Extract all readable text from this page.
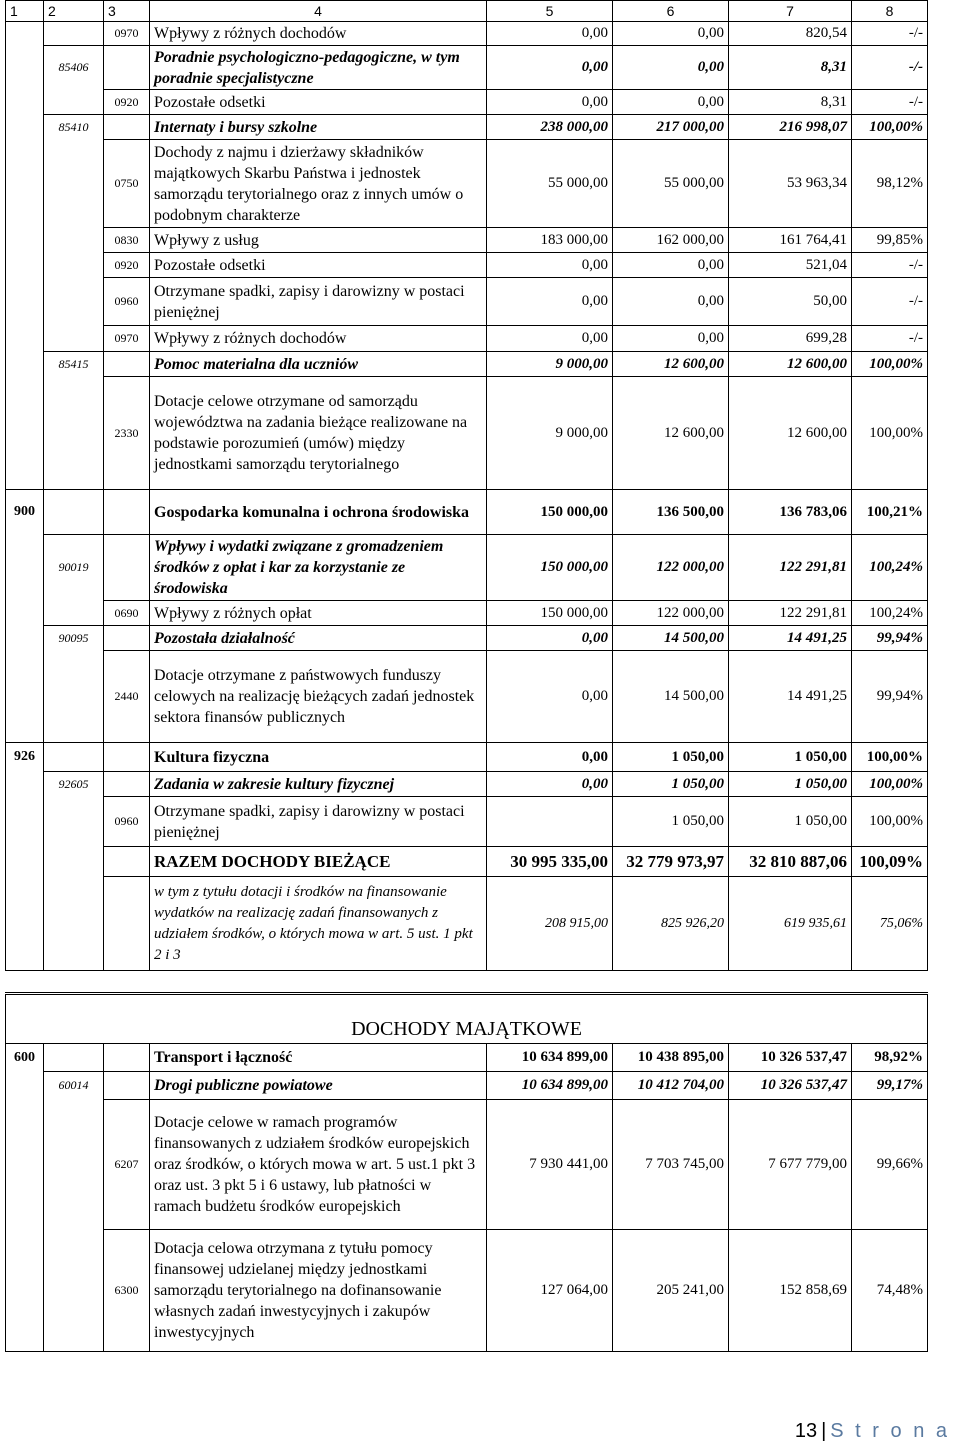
1	2	3	4	5	6	7	8
		0970	Wpływy z różnych dochodów	0,00	0,00	820,54	-/-
	85406		Poradnie psychologiczno-pedagogiczne, w tym poradnie specjalistyczne	0,00	0,00	8,31	-/-
		0920	Pozostałe odsetki	0,00	0,00	8,31	-/-
	85410		Internaty i bursy szkolne	238 000,00	217 000,00	216 998,07	100,00%
		0750	Dochody z najmu i dzierżawy składników majątkowych Skarbu Państwa i jednostek samorządu terytorialnego oraz z innych umów o podobnym charakterze	55 000,00	55 000,00	53 963,34	98,12%
		0830	Wpływy z usług	183 000,00	162 000,00	161 764,41	99,85%
		0920	Pozostałe odsetki	0,00	0,00	521,04	-/-
		0960	Otrzymane spadki, zapisy i darowizny w postaci pieniężnej	0,00	0,00	50,00	-/-
		0970	Wpływy z różnych dochodów	0,00	0,00	699,28	-/-
	85415		Pomoc materialna dla uczniów	9 000,00	12 600,00	12 600,00	100,00%
		2330	Dotacje celowe otrzymane od samorządu województwa na zadania bieżące realizowane na podstawie porozumień (umów) między jednostkami samorządu terytorialnego	9 000,00	12 600,00	12 600,00	100,00%
900			Gospodarka komunalna i ochrona środowiska	150 000,00	136 500,00	136 783,06	100,21%
	90019		Wpływy i wydatki związane z gromadzeniem środków z opłat i kar za korzystanie ze środowiska	150 000,00	122 000,00	122 291,81	100,24%
		0690	Wpływy z różnych opłat	150 000,00	122 000,00	122 291,81	100,24%
	90095		Pozostała działalność	0,00	14 500,00	14 491,25	99,94%
		2440	Dotacje otrzymane z państwowych funduszy celowych na realizację bieżących zadań jednostek sektora finansów publicznych	0,00	14 500,00	14 491,25	99,94%
926			Kultura fizyczna	0,00	1 050,00	1 050,00	100,00%
	92605		Zadania w zakresie kultury fizycznej	0,00	1 050,00	1 050,00	100,00%
		0960	Otrzymane spadki, zapisy i darowizny w postaci pieniężnej		1 050,00	1 050,00	100,00%
			RAZEM DOCHODY BIEŻĄCE	30 995 335,00	32 779 973,97	32 810 887,06	100,09%
			w tym z tytułu dotacji i środków na finansowanie wydatków na realizację zadań finansowanych z udziałem środków, o których mowa w art. 5 ust. 1 pkt 2 i 3	208 915,00	825 926,20	619 935,61	75,06%
DOCHODY MAJĄTKOWE							
600			Transport i łączność	10 634 899,00	10 438 895,00	10 326 537,47	98,92%
	60014		Drogi publiczne powiatowe	10 634 899,00	10 412 704,00	10 326 537,47	99,17%
		6207	Dotacje celowe w ramach programów finansowanych z udziałem środków europejskich oraz środków, o których mowa w art. 5 ust.1 pkt 3 oraz ust. 3 pkt 5 i 6 ustawy, lub płatności w ramach budżetu środków europejskich	7 930 441,00	7 703 745,00	7 677 779,00	99,66%
		6300	Dotacja celowa otrzymana z tytułu pomocy finansowej udzielanej między jednostkami samorządu terytorialnego na dofinansowanie własnych zadań inwestycyjnych i zakupów inwestycyjnych	127 064,00	205 241,00	152 858,69	74,48%
13 | S t r o n a
